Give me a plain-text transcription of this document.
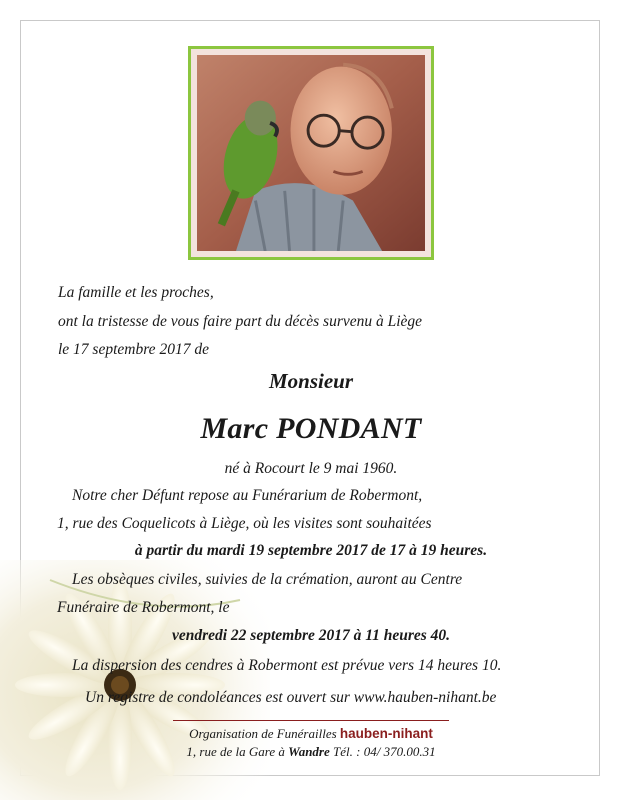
La famille et les proches,
ont la tristesse de vous faire part du décès survenu à Liège
le 17 septembre 2017 de
Monsieur
Marc PONDANT
né à Rocourt le 9 mai 1960.
Notre cher Défunt repose au Funérarium de Robermont,
1, rue des Coquelicots à Liège, où les visites sont souhaitées
à partir du mardi 19 septembre 2017 de 17 à 19 heures.
Les obsèques civiles, suivies de la crémation, auront au Centre
Funéraire de Robermont, le
vendredi 22 septembre 2017 à 11 heures 40.
La dispersion des cendres à Robermont est prévue vers 14 heures 10.
Un registre de condoléances est ouvert sur www.hauben-nihant.be
Organisation de Funérailles hauben-nihant
1, rue de la Gare à Wandre Tél. : 04/ 370.00.31
